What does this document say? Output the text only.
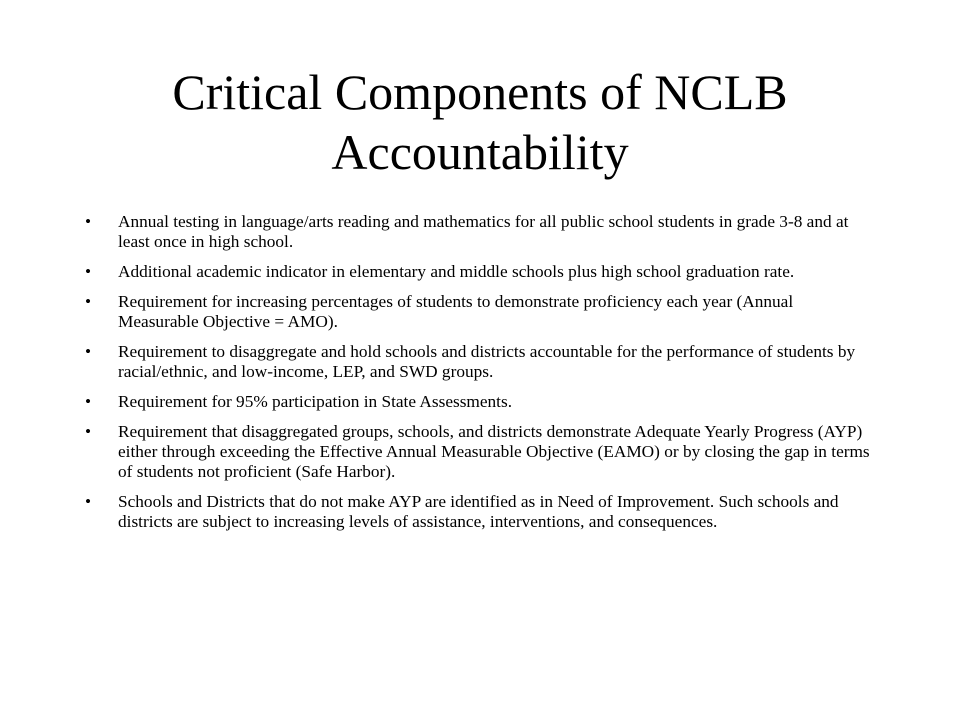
Critical Components of NCLB Accountability
•	Annual testing in language/arts reading and mathematics for all public school students in grade 3-8 and at least once in high school.
•	Additional academic indicator in elementary and middle schools plus high school graduation rate.
•	Requirement for increasing percentages of students to demonstrate proficiency each year (Annual Measurable Objective = AMO).
•	Requirement to disaggregate and hold schools and districts accountable for the performance of students by racial/ethnic, and low-income, LEP, and SWD groups.
•	Requirement for 95% participation in State Assessments.
•	Requirement that disaggregated groups, schools, and districts demonstrate Adequate Yearly Progress (AYP) either through exceeding the Effective Annual Measurable Objective (EAMO) or by closing the gap in terms of students not proficient (Safe Harbor).
•	Schools and Districts that do not make AYP are identified as in Need of Improvement. Such schools and districts are subject to increasing levels of assistance, interventions, and consequences.
